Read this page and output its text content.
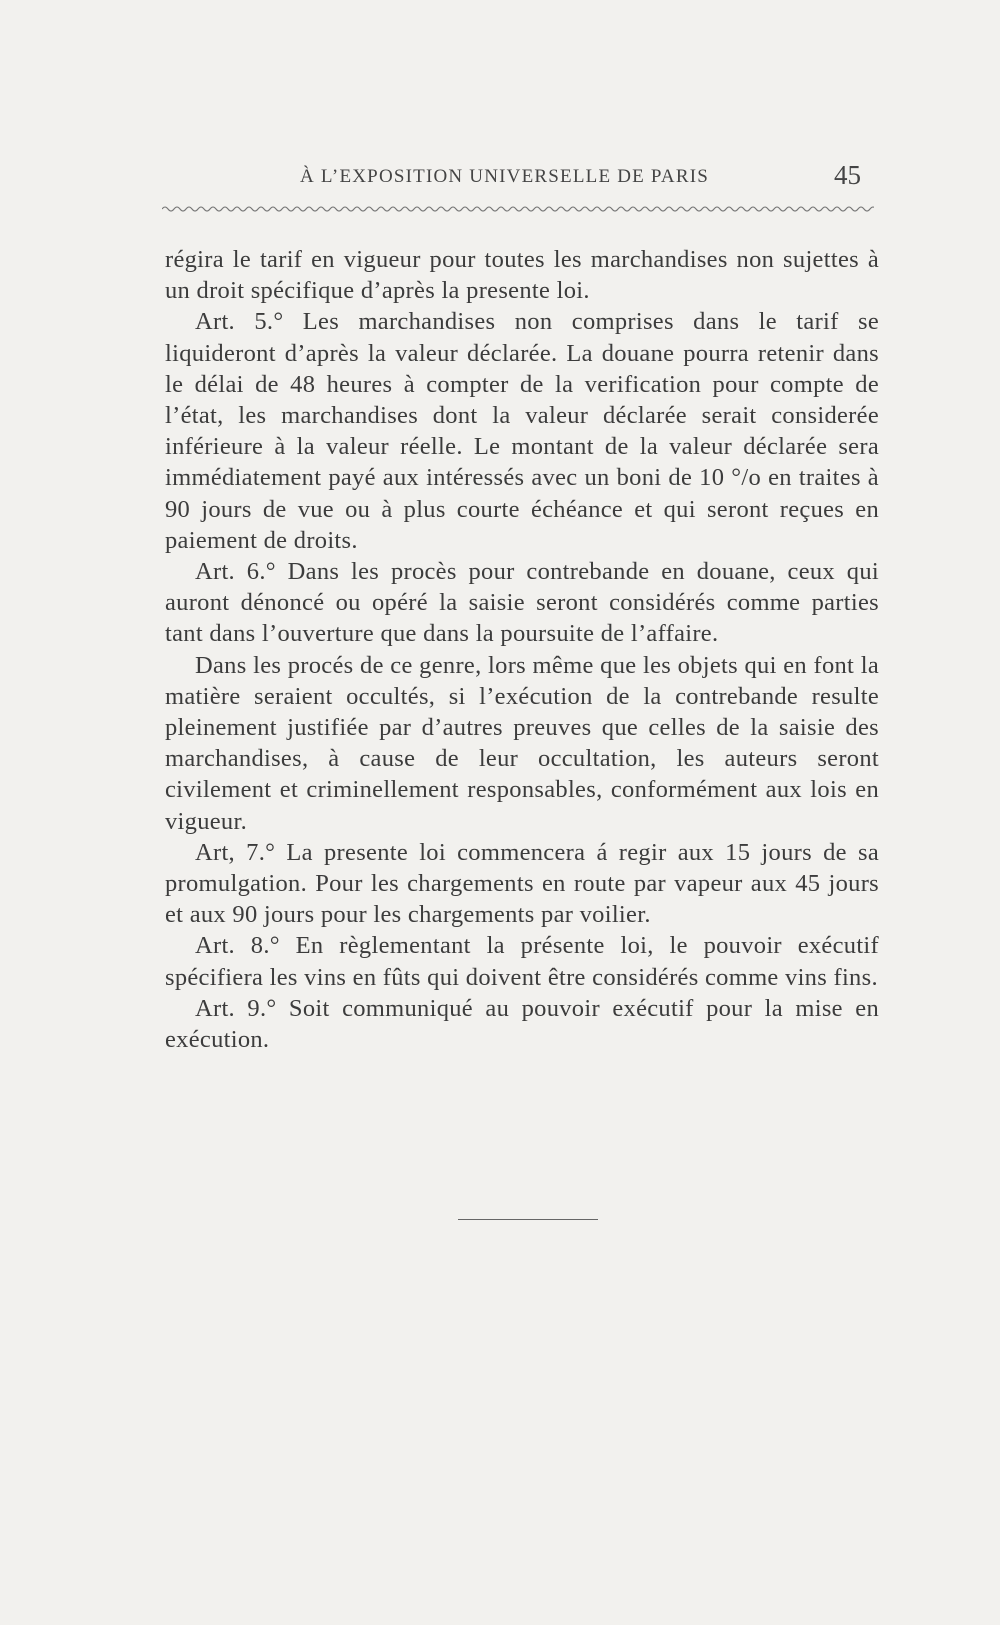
À L’EXPOSITION UNIVERSELLE DE PARIS	45

régira le tarif en vigueur pour toutes les marchandises non sujettes à un droit spécifique d’après la presente loi.

Art. 5.° Les marchandises non comprises dans le tarif se liquideront d’après la valeur déclarée. La douane pourra retenir dans le délai de 48 heures à compter de la verification pour compte de l’état, les marchandises dont la valeur déclarée serait considerée inférieure à la valeur réelle. Le montant de la valeur déclarée sera immédiatement payé aux intéressés avec un boni de 10 °/o en traites à 90 jours de vue ou à plus courte échéance et qui seront reçues en paiement de droits.

Art. 6.° Dans les procès pour contrebande en douane, ceux qui auront dénoncé ou opéré la saisie seront considérés comme parties tant dans l’ouverture que dans la poursuite de l’affaire.

Dans les procés de ce genre, lors même que les objets qui en font la matière seraient occultés, si l’exécution de la contrebande resulte pleinement justifiée par d’autres preuves que celles de la saisie des marchandises, à cause de leur occultation, les auteurs seront civilement et criminellement responsables, conformément aux lois en vigueur.

Art, 7.° La presente loi commencera á regir aux 15 jours de sa promulgation. Pour les chargements en route par vapeur aux 45 jours et aux 90 jours pour les chargements par voilier.

Art. 8.° En règlementant la présente loi, le pouvoir exécutif spécifiera les vins en fûts qui doivent être considérés comme vins fins.

Art. 9.° Soit communiqué au pouvoir exécutif pour la mise en exécution.
